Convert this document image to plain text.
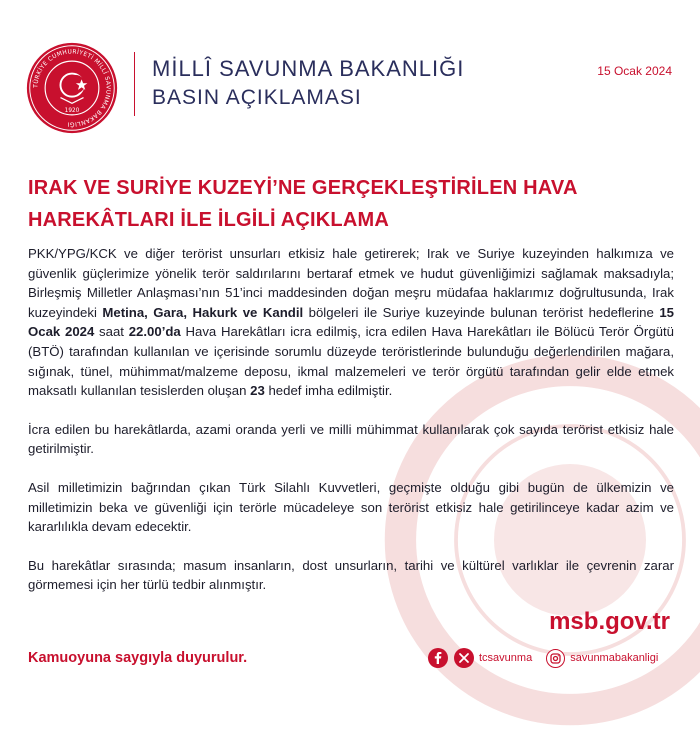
TÜRKİYE CUMHURİYETİ MİLLÎ SAVUNMA BAKANLIĞI
1920
MİLLÎ SAVUNMA BAKANLIĞI
BASIN AÇIKLAMASI
15 Ocak 2024
IRAK VE SURİYE KUZEYİ’NE GERÇEKLEŞTİRİLEN HAVA
HAREKÂTLARI İLE İLGİLİ AÇIKLAMA

PKK/YPG/KCK ve diğer terörist unsurları etkisiz hale getirerek; Irak ve Suriye kuzeyinden halkımıza ve güvenlik güçlerimize yönelik terör saldırılarını bertaraf etmek ve hudut güvenliğimizi sağlamak maksadıyla; Birleşmiş Milletler Anlaşması’nın 51’inci maddesinden doğan meşru müdafaa haklarımız doğrultusunda, Irak kuzeyindeki Metina, Gara, Hakurk ve Kandil bölgeleri ile Suriye kuzeyinde bulunan terörist hedeflerine 15 Ocak 2024 saat 22.00’da Hava Harekâtları icra edilmiş, icra edilen Hava Harekâtları ile Bölücü Terör Örgütü (BTÖ) tarafından kullanılan ve içerisinde sorumlu düzeyde teröristlerinde bulunduğu değerlendirilen mağara, sığınak, tünel, mühimmat/malzeme deposu, ikmal malzemeleri ve terör örgütü tarafından gelir elde etmek maksatlı kullanılan tesislerden oluşan 23 hedef imha edilmiştir.

İcra edilen bu harekâtlarda, azami oranda yerli ve milli mühimmat kullanılarak çok sayıda terörist etkisiz hale getirilmiştir.

Asil milletimizin bağrından çıkan Türk Silahlı Kuvvetleri, geçmişte olduğu gibi bugün de ülkemizin ve milletimizin beka ve güvenliği için terörle mücadeleye son terörist etkisiz hale getirilinceye kadar azim ve kararlılıkla devam edecektir.

Bu harekâtlar sırasında; masum insanların, dost unsurların, tarihi ve kültürel varlıklar ile çevrenin zarar görmemesi için her türlü tedbir alınmıştır.

msb.gov.tr
Kamuoyuna saygıyla duyurulur.	tcsavunma	savunmabakanligi
